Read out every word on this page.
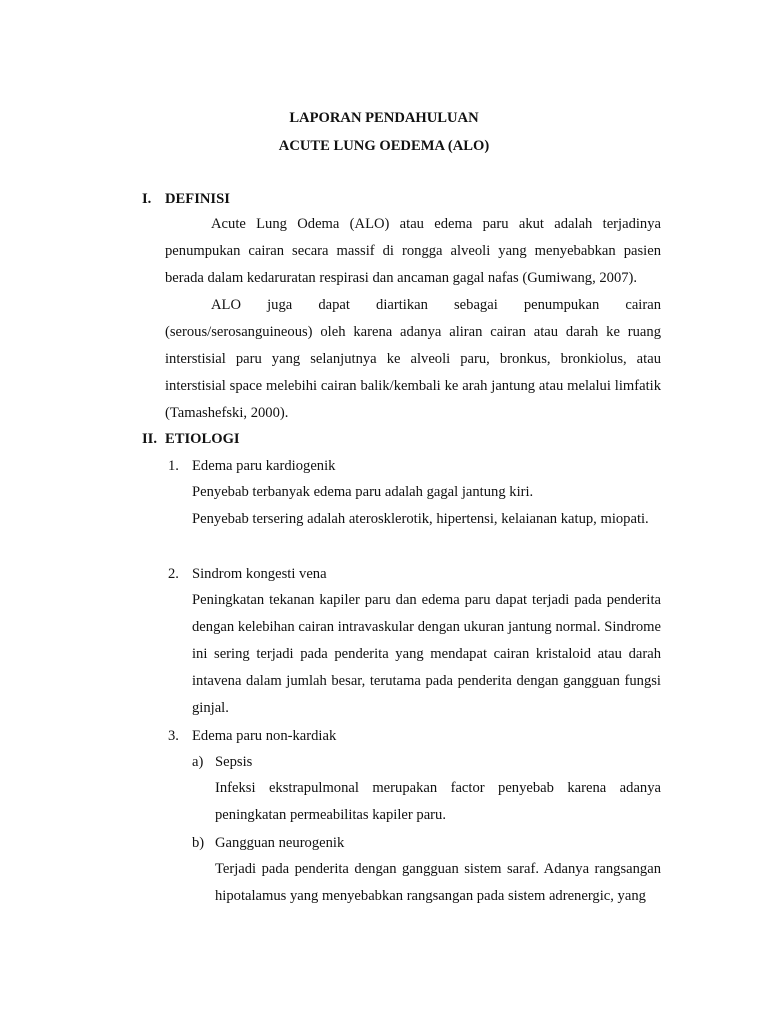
LAPORAN PENDAHULUAN
ACUTE LUNG OEDEMA (ALO)
I. DEFINISI

Acute Lung Odema (ALO) atau edema paru akut adalah terjadinya penumpukan cairan secara massif di rongga alveoli yang menyebabkan pasien berada dalam kedaruratan respirasi dan ancaman gagal nafas (Gumiwang, 2007).

ALO juga dapat diartikan sebagai penumpukan cairan (serous/serosanguineous) oleh karena adanya aliran cairan atau darah ke ruang interstisial paru yang selanjutnya ke alveoli paru, bronkus, bronkiolus, atau interstisial space melebihi cairan balik/kembali ke arah jantung atau melalui limfatik (Tamashefski, 2000).

II. ETIOLOGI
1. Edema paru kardiogenik

Penyebab terbanyak edema paru adalah gagal jantung kiri.

Penyebab tersering adalah aterosklerotik, hipertensi, kelaianan katup, miopati.

2. Sindrom kongesti vena

Peningkatan tekanan kapiler paru dan edema paru dapat terjadi pada penderita dengan kelebihan cairan intravaskular dengan ukuran jantung normal. Sindrome ini sering terjadi pada penderita yang mendapat cairan kristaloid atau darah intavena dalam jumlah besar, terutama pada penderita dengan gangguan fungsi ginjal.

3. Edema paru non-kardiak
a) Sepsis

Infeksi ekstrapulmonal merupakan factor penyebab karena adanya peningkatan permeabilitas kapiler paru.

b) Gangguan neurogenik

Terjadi pada penderita dengan gangguan sistem saraf. Adanya rangsangan hipotalamus yang menyebabkan rangsangan pada sistem adrenergic, yang
